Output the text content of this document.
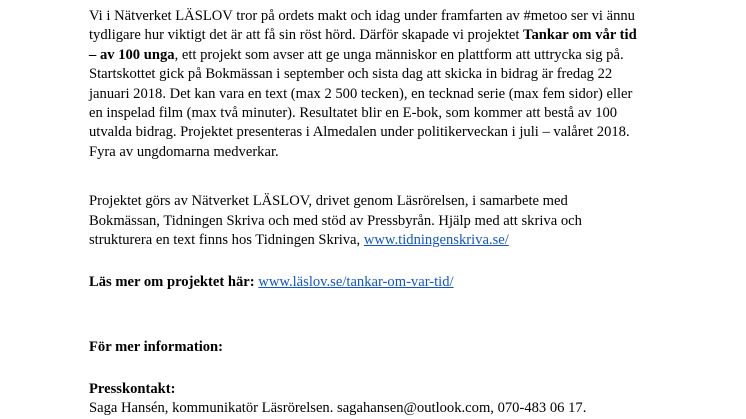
Vi i Nätverket LÄSLOV tror på ordets makt och idag under framfarten av #metoo ser vi ännu
tydligare hur viktigt det är att få sin röst hörd. Därför skapade vi projektet Tankar om vår tid
– av 100 unga, ett projekt som avser att ge unga människor en plattform att uttrycka sig på.
Startskottet gick på Bokmässan i september och sista dag att skicka in bidrag är fredag 22
januari 2018. Det kan vara en text (max 2 500 tecken), en tecknad serie (max fem sidor) eller
en inspelad film (max två minuter). Resultatet blir en E-bok, som kommer att bestå av 100
utvalda bidrag. Projektet presenteras i Almedalen under politikerveckan i juli – valåret 2018.
Fyra av ungdomarna medverkar.
Projektet görs av Nätverket LÄSLOV, drivet genom Läsrörelsen, i samarbete med
Bokmässan, Tidningen Skriva och med stöd av Pressbyrån. Hjälp med att skriva och
strukturera en text finns hos Tidningen Skriva, www.tidningenskriva.se/
Läs mer om projektet här: www.läslov.se/tankar-om-var-tid/
För mer information:
Presskontakt:
Saga Hansén, kommunikatör Läsrörelsen. sagahansen@outlook.com, 070-483 06 17.
